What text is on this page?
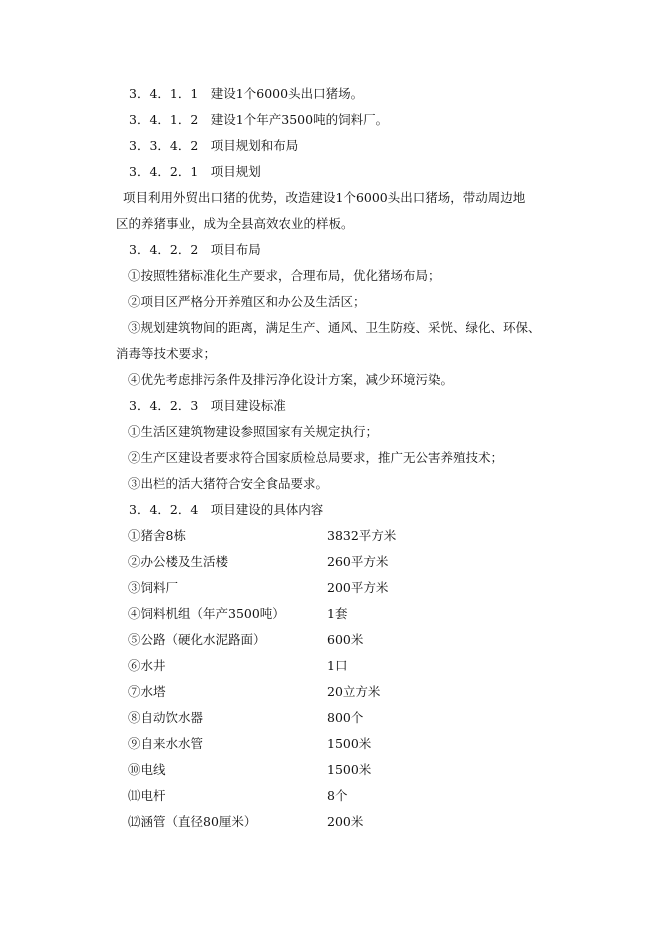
3．4．1．1　建设1个6000头出口猪场。
3．4．1．2　建设1个年产3500吨的饲料厂。
3．3．4．2　项目规划和布局
3．4．2．1　项目规划
项目利用外贸出口猪的优势，改造建设1个6000头出口猪场，带动周边地
区的养猪事业，成为全县高效农业的样板。
3．4．2．2　项目布局
①按照牲猪标准化生产要求，合理布局，优化猪场布局；
②项目区严格分开养殖区和办公及生活区；
③规划建筑物间的距离，满足生产、通风、卫生防疫、采恍、绿化、环保、
消毒等技术要求；
④优先考虑排污条件及排污净化设计方案，减少环境污染。
3．4．2．3　项目建设标准
①生活区建筑物建设参照国家有关规定执行；
②生产区建设者要求符合国家质检总局要求，推广无公害养殖技术；
③出栏的活大猪符合安全食品要求。
3．4．2．4　项目建设的具体内容
①猪舍8栋	3832平方米
②办公楼及生活楼	260平方米
③饲料厂	200平方米
④饲料机组（年产3500吨）	1套
⑤公路（硬化水泥路面）	600米
⑥水井	1口
⑦水塔	20立方米
⑧自动饮水器	800个
⑨自来水水管	1500米
⑩电线	1500米
⑾电杆	8个
⑿涵管（直径80厘米）	200米
